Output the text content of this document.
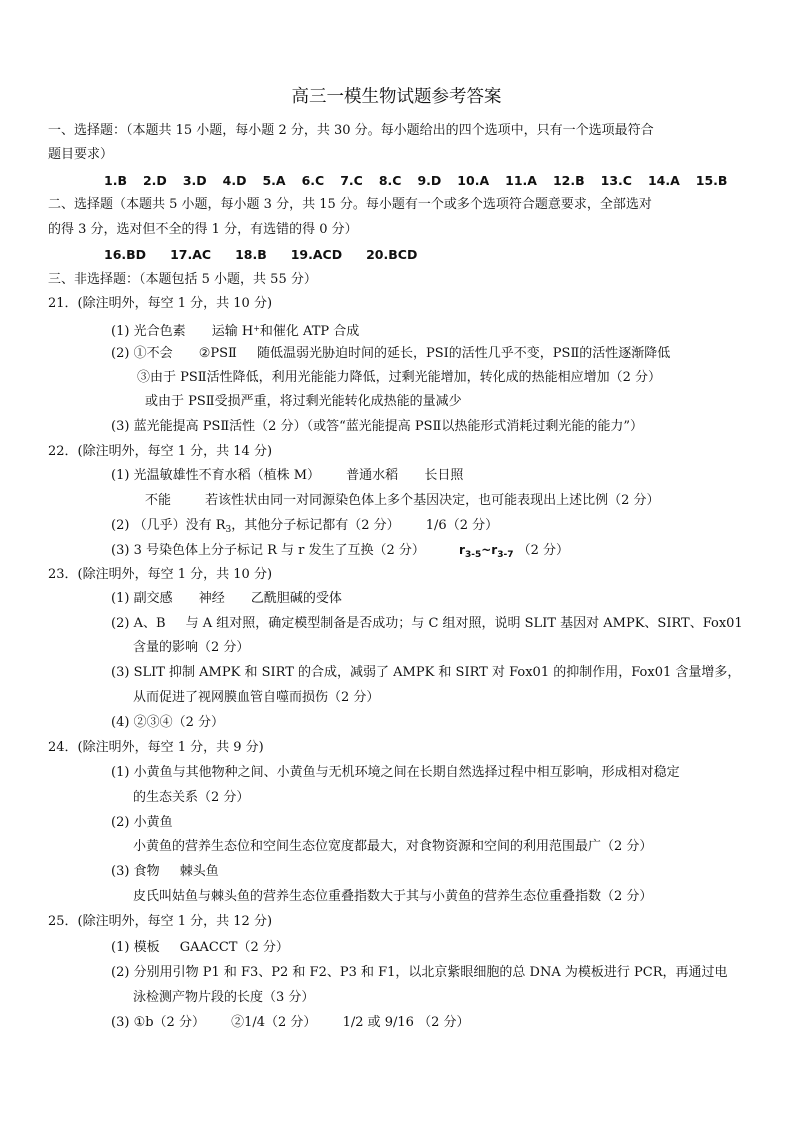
高三一模生物试题参考答案
一、选择题：（本题共 15 小题，每小题 2 分，共 30 分。每小题给出的四个选项中，只有一个选项最符合
题目要求）
1.B 2.D 3.D 4.D 5.A 6.C 7.C 8.C 9.D 10.A 11.A 12.B 13.C 14.A 15.B
二、选择题（本题共 5 小题，每小题 3 分，共 15 分。每小题有一个或多个选项符合题意要求，全部选对
的得 3 分，选对但不全的得 1 分，有选错的得 0 分）
16.BD 17.AC 18.B 19.ACD 20.BCD
三、非选择题：（本题包括 5 小题，共 55 分）
21．(除注明外，每空 1 分，共 10 分)
(1) 光合色素 运输 H+和催化 ATP 合成
(2) ①不会 ②PSⅡ 随低温弱光胁迫时间的延长，PSⅠ的活性几乎不变，PSⅡ的活性逐渐降低
③由于 PSⅡ活性降低，利用光能能力降低，过剩光能增加，转化成的热能相应增加（2 分）
或由于 PSⅡ受损严重，将过剩光能转化成热能的量减少
(3) 蓝光能提高 PSⅡ活性（2 分）（或答“蓝光能提高 PSⅡ以热能形式消耗过剩光能的能力”）
22．(除注明外，每空 1 分，共 14 分)
(1) 光温敏雄性不育水稻（植株 M） 普通水稻 长日照
不能	若该性状由同一对同源染色体上多个基因决定，也可能表现出上述比例（2 分）
(2) （几乎）没有 $R_3$，其他分子标记都有（2 分） 1/6（2 分）
(3) 3 号染色体上分子标记 R 与 r 发生了互换（2 分）	$r_{3-5}\sim r_{3-7}$ （2 分）
23．(除注明外，每空 1 分，共 10 分)
(1) 副交感 神经 乙酰胆碱的受体
(2) A、B 与 A 组对照，确定模型制备是否成功；与 C 组对照，说明 SLIT 基因对 AMPK、SIRT、Fox01
含量的影响（2 分）
(3) SLIT 抑制 AMPK 和 SIRT 的合成，减弱了 AMPK 和 SIRT 对 Fox01 的抑制作用，Fox01 含量增多，
从而促进了视网膜血管自噬而损伤（2 分）
(4) ②③④（2 分）
24．(除注明外，每空 1 分，共 9 分)
(1) 小黄鱼与其他物种之间、小黄鱼与无机环境之间在长期自然选择过程中相互影响，形成相对稳定
的生态关系（2 分）
(2) 小黄鱼
小黄鱼的营养生态位和空间生态位宽度都最大，对食物资源和空间的利用范围最广（2 分）
(3) 食物 棘头鱼
皮氏叫姑鱼与棘头鱼的营养生态位重叠指数大于其与小黄鱼的营养生态位重叠指数（2 分）
25．(除注明外，每空 1 分，共 12 分)
(1) 模板 GAACCT（2 分）
(2) 分别用引物 P1 和 F3、P2 和 F2、P3 和 F1，以北京紫眼细胞的总 DNA 为模板进行 PCR，再通过电
泳检测产物片段的长度（3 分）
(3) ①b（2 分） ②1/4（2 分） 1/2 或 9/16 （2 分）
